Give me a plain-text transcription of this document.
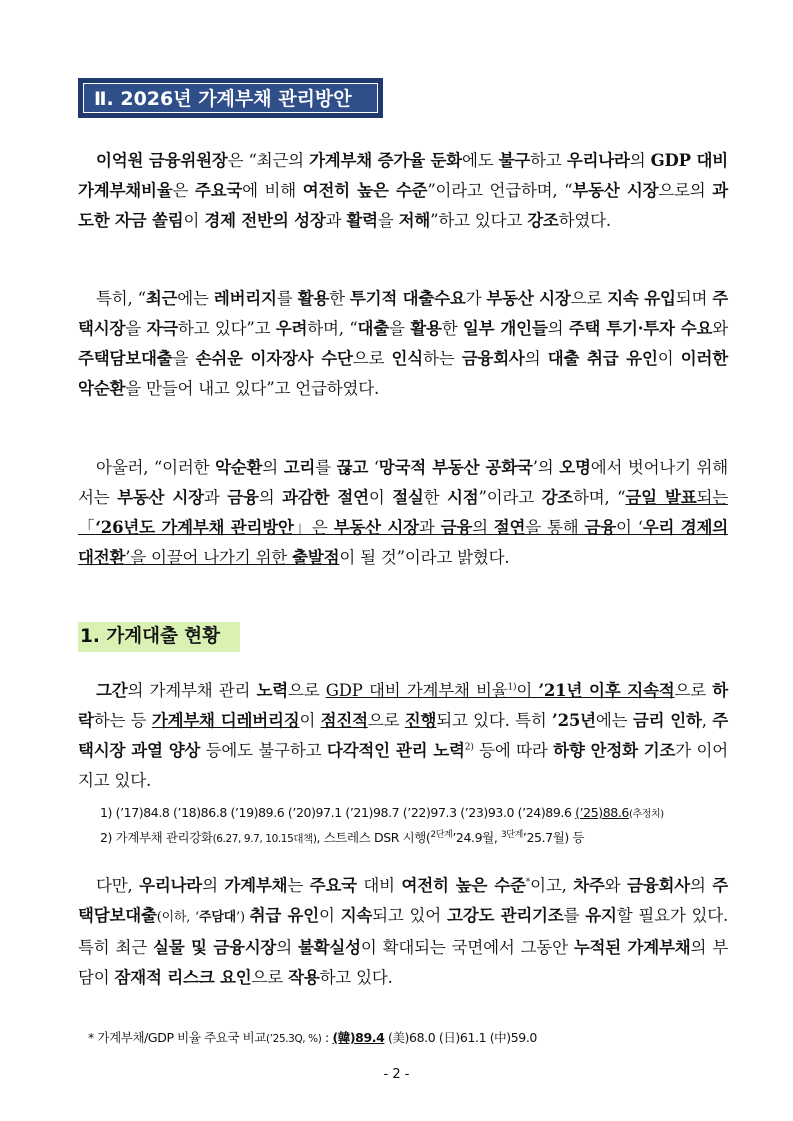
Ⅱ. 2026년 가계부채 관리방안

이억원 금융위원장은 “최근의 가계부채 증가율 둔화에도 불구하고 우리나라의 GDP 대비 가계부채비율은 주요국에 비해 여전히 높은 수준”이라고 언급하며, “부동산 시장으로의 과도한 자금 쏠림이 경제 전반의 성장과 활력을 저해”하고 있다고 강조하였다.

특히, “최근에는 레버리지를 활용한 투기적 대출수요가 부동산 시장으로 지속 유입되며 주택시장을 자극하고 있다”고 우려하며, “대출을 활용한 일부 개인들의 주택 투기·투자 수요와 주택담보대출을 손쉬운 이자장사 수단으로 인식하는 금융회사의 대출 취급 유인이 이러한 악순환을 만들어 내고 있다”고 언급하였다.

아울러, “이러한 악순환의 고리를 끊고 ‘망국적 부동산 공화국’의 오명에서 벗어나기 위해서는 부동산 시장과 금융의 과감한 절연이 절실한 시점”이라고 강조하며, “금일 발표되는 「‘26년도 가계부채 관리방안」은 부동산 시장과 금융의 절연을 통해 금융이 ‘우리 경제의 대전환’을 이끌어 나가기 위한 출발점이 될 것”이라고 밝혔다.

1. 가계대출 현황

그간의 가계부채 관리 노력으로 GDP 대비 가계부채 비율$^{1)}$이 ’21년 이후 지속적으로 하락하는 등 가계부채 디레버리징이 점진적으로 진행되고 있다. 특히 ’25년에는 금리 인하, 주택시장 과열 양상 등에도 불구하고 다각적인 관리 노력$^{2)}$ 등에 따라 하향 안정화 기조가 이어지고 있다.

1) (’17)84.8 (’18)86.8 (’19)89.6 (’20)97.1 (’21)98.7 (’22)97.3 (’23)93.0 (’24)89.6 (’25)88.6(추정치)
2) 가계부채 관리강화(6.27, 9.7, 10.15대책), 스트레스 DSR 시행($^{2단계}$’24.9월, $^{3단계}$’25.7월) 등

다만, 우리나라의 가계부채는 주요국 대비 여전히 높은 수준*이고, 차주와 금융회사의 주택담보대출(이하, ‘주담대’) 취급 유인이 지속되고 있어 고강도 관리기조를 유지할 필요가 있다. 특히 최근 실물 및 금융시장의 불확실성이 확대되는 국면에서 그동안 누적된 가계부채의 부담이 잠재적 리스크 요인으로 작용하고 있다.

* 가계부채/GDP 비율 주요국 비교(’25.3Q, %) : (韓)89.4 (美)68.0 (日)61.1 (中)59.0
- 2 -
